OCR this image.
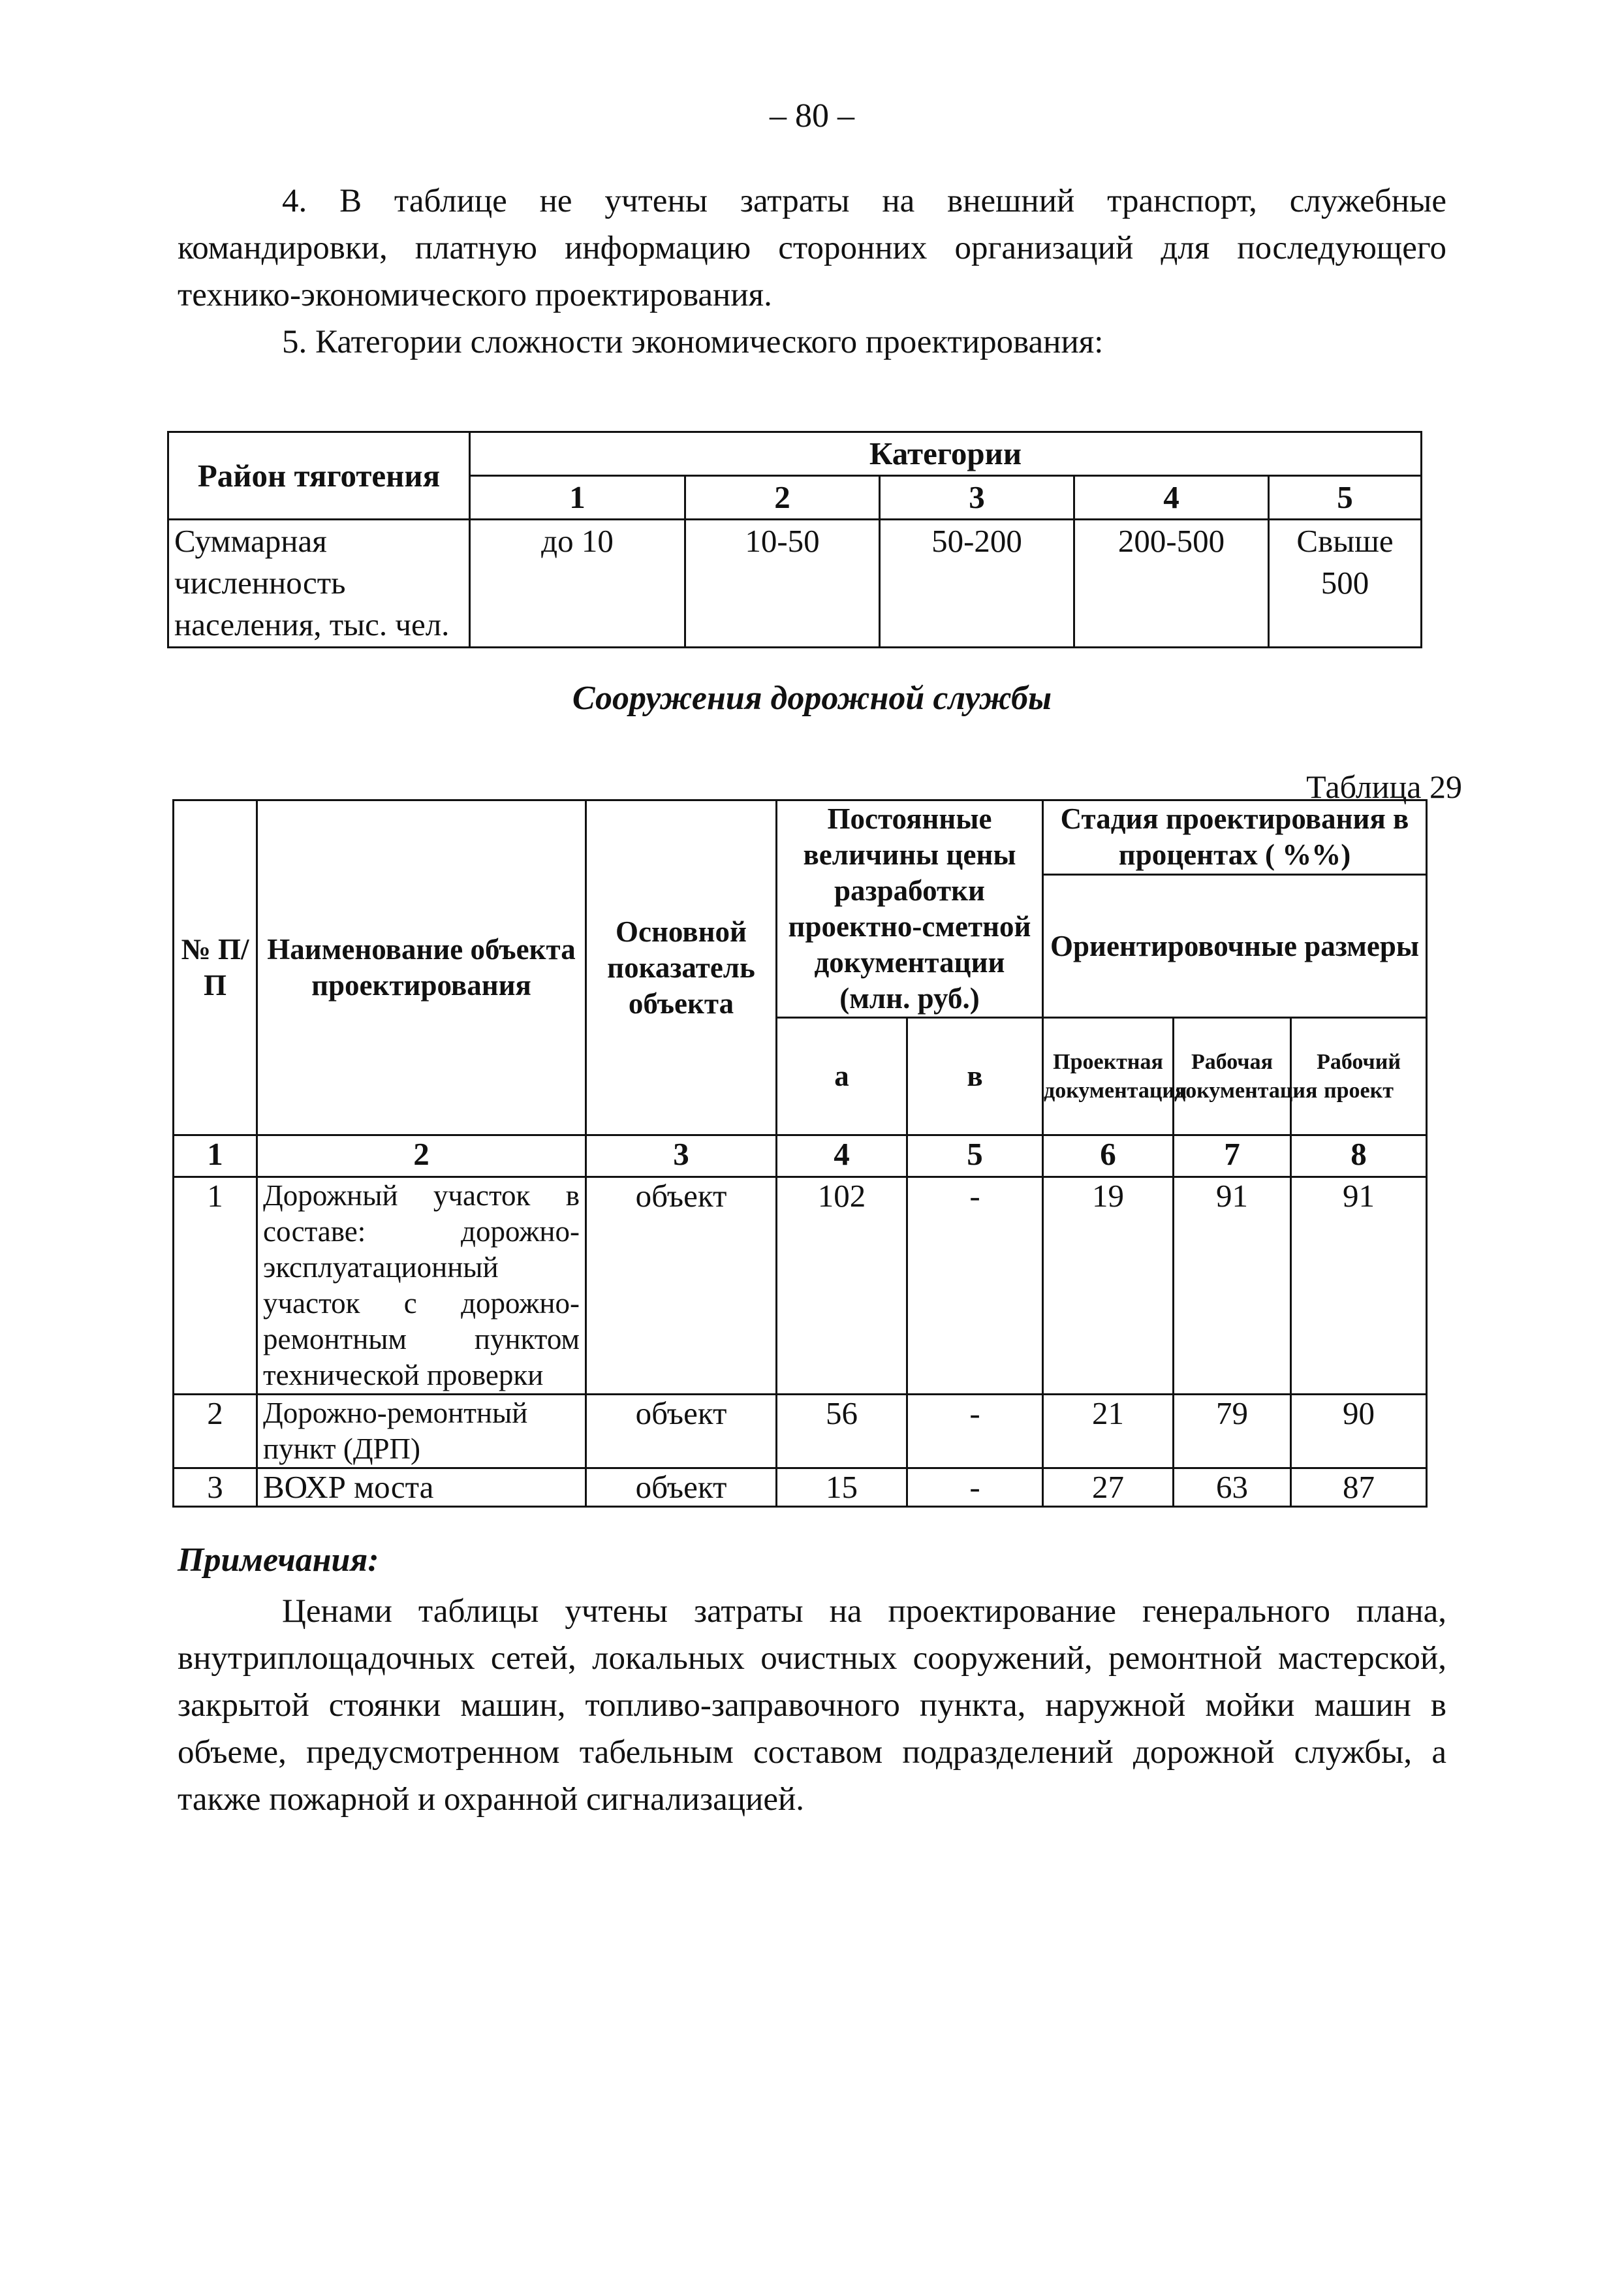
– 80 –
4. В таблице не учтены затраты на внешний транспорт, служебные командировки, платную информацию сторонних организаций для последующего технико-экономического проектирования.
5. Категории сложности экономического проектирования:
Район тяготения	Категории				
	1	2	3	4	5
Суммарная численность населения, тыс. чел.	до 10	10-50	50-200	200-500	Свыше 500
Сооружения дорожной службы
Таблица 29
№ П/П	Наименование объекта проектирования	Основной показатель объекта	Постоянные величины цены разработки проектно-сметной документации (млн. руб.)		Стадия проектирования в процентах ( %%)		
					Ориентировочные размеры		
			а	в	Проектная документация	Рабочая документация	Рабочий проект
1	2	3	4	5	6	7	8
1	Дорожный участок в составе: дорожно-эксплуатационный участок с дорожно-ремонтным пунктом технической проверки	объект	102	-	19	91	91
2	Дорожно-ремонтный пункт (ДРП)	объект	56	-	21	79	90
3	ВОХР моста	объект	15	-	27	63	87
Примечания:
Ценами таблицы учтены затраты на проектирование генерального плана, внутриплощадочных сетей, локальных очистных сооружений, ремонтной мастерской, закрытой стоянки машин, топливо-заправочного пункта, наружной мойки машин в объеме, предусмотренном табельным составом подразделений дорожной службы, а также пожарной и охранной сигнализацией.
